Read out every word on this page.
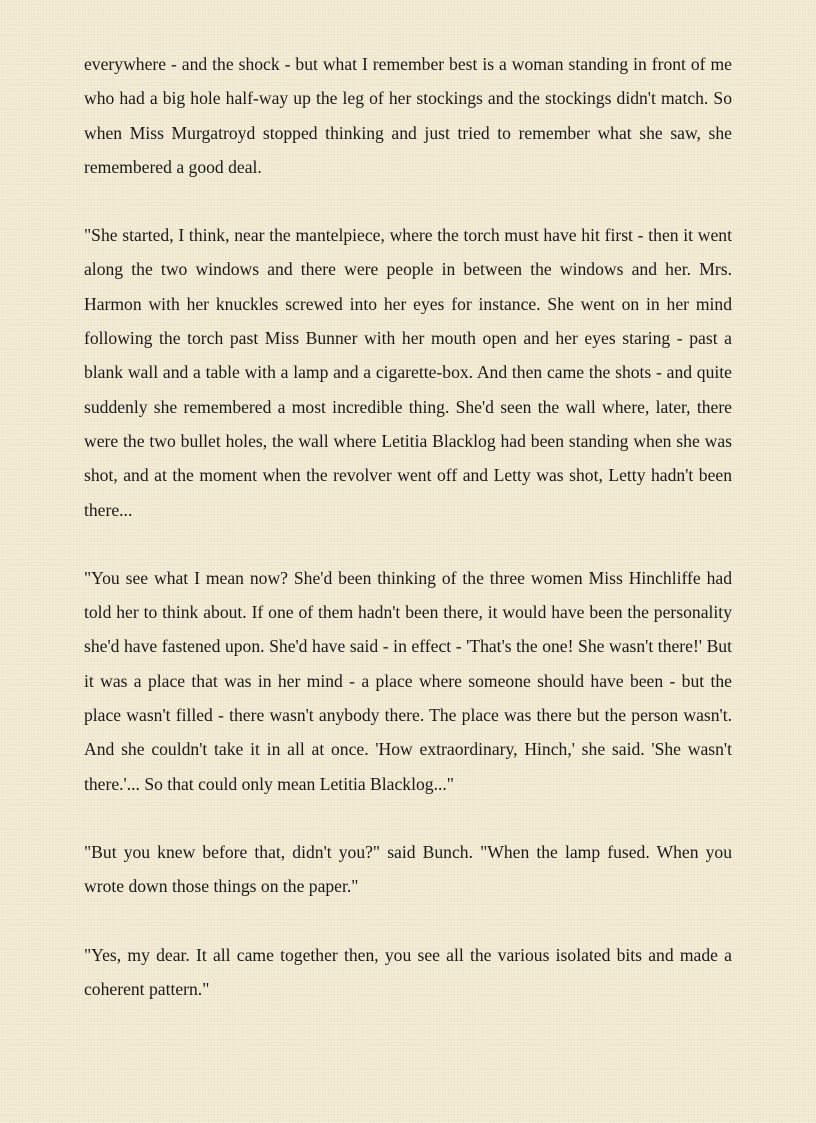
everywhere - and the shock - but what I remember best is a woman standing in front of me who had a big hole half-way up the leg of her stockings and the stockings didn't match. So when Miss Murgatroyd stopped thinking and just tried to remember what she saw, she remembered a good deal.

"She started, I think, near the mantelpiece, where the torch must have hit first - then it went along the two windows and there were people in between the windows and her. Mrs. Harmon with her knuckles screwed into her eyes for instance. She went on in her mind following the torch past Miss Bunner with her mouth open and her eyes staring - past a blank wall and a table with a lamp and a cigarette-box. And then came the shots - and quite suddenly she remembered a most incredible thing. She'd seen the wall where, later, there were the two bullet holes, the wall where Letitia Blacklog had been standing when she was shot, and at the moment when the revolver went off and Letty was shot, Letty hadn't been there...

"You see what I mean now? She'd been thinking of the three women Miss Hinchliffe had told her to think about. If one of them hadn't been there, it would have been the personality she'd have fastened upon. She'd have said - in effect - 'That's the one! She wasn't there!' But it was a place that was in her mind - a place where someone should have been - but the place wasn't filled - there wasn't anybody there. The place was there but the person wasn't. And she couldn't take it in all at once. 'How extraordinary, Hinch,' she said. 'She wasn't there.'... So that could only mean Letitia Blacklog..."

"But you knew before that, didn't you?" said Bunch. "When the lamp fused. When you wrote down those things on the paper."

"Yes, my dear. It all came together then, you see all the various isolated bits and made a coherent pattern."
